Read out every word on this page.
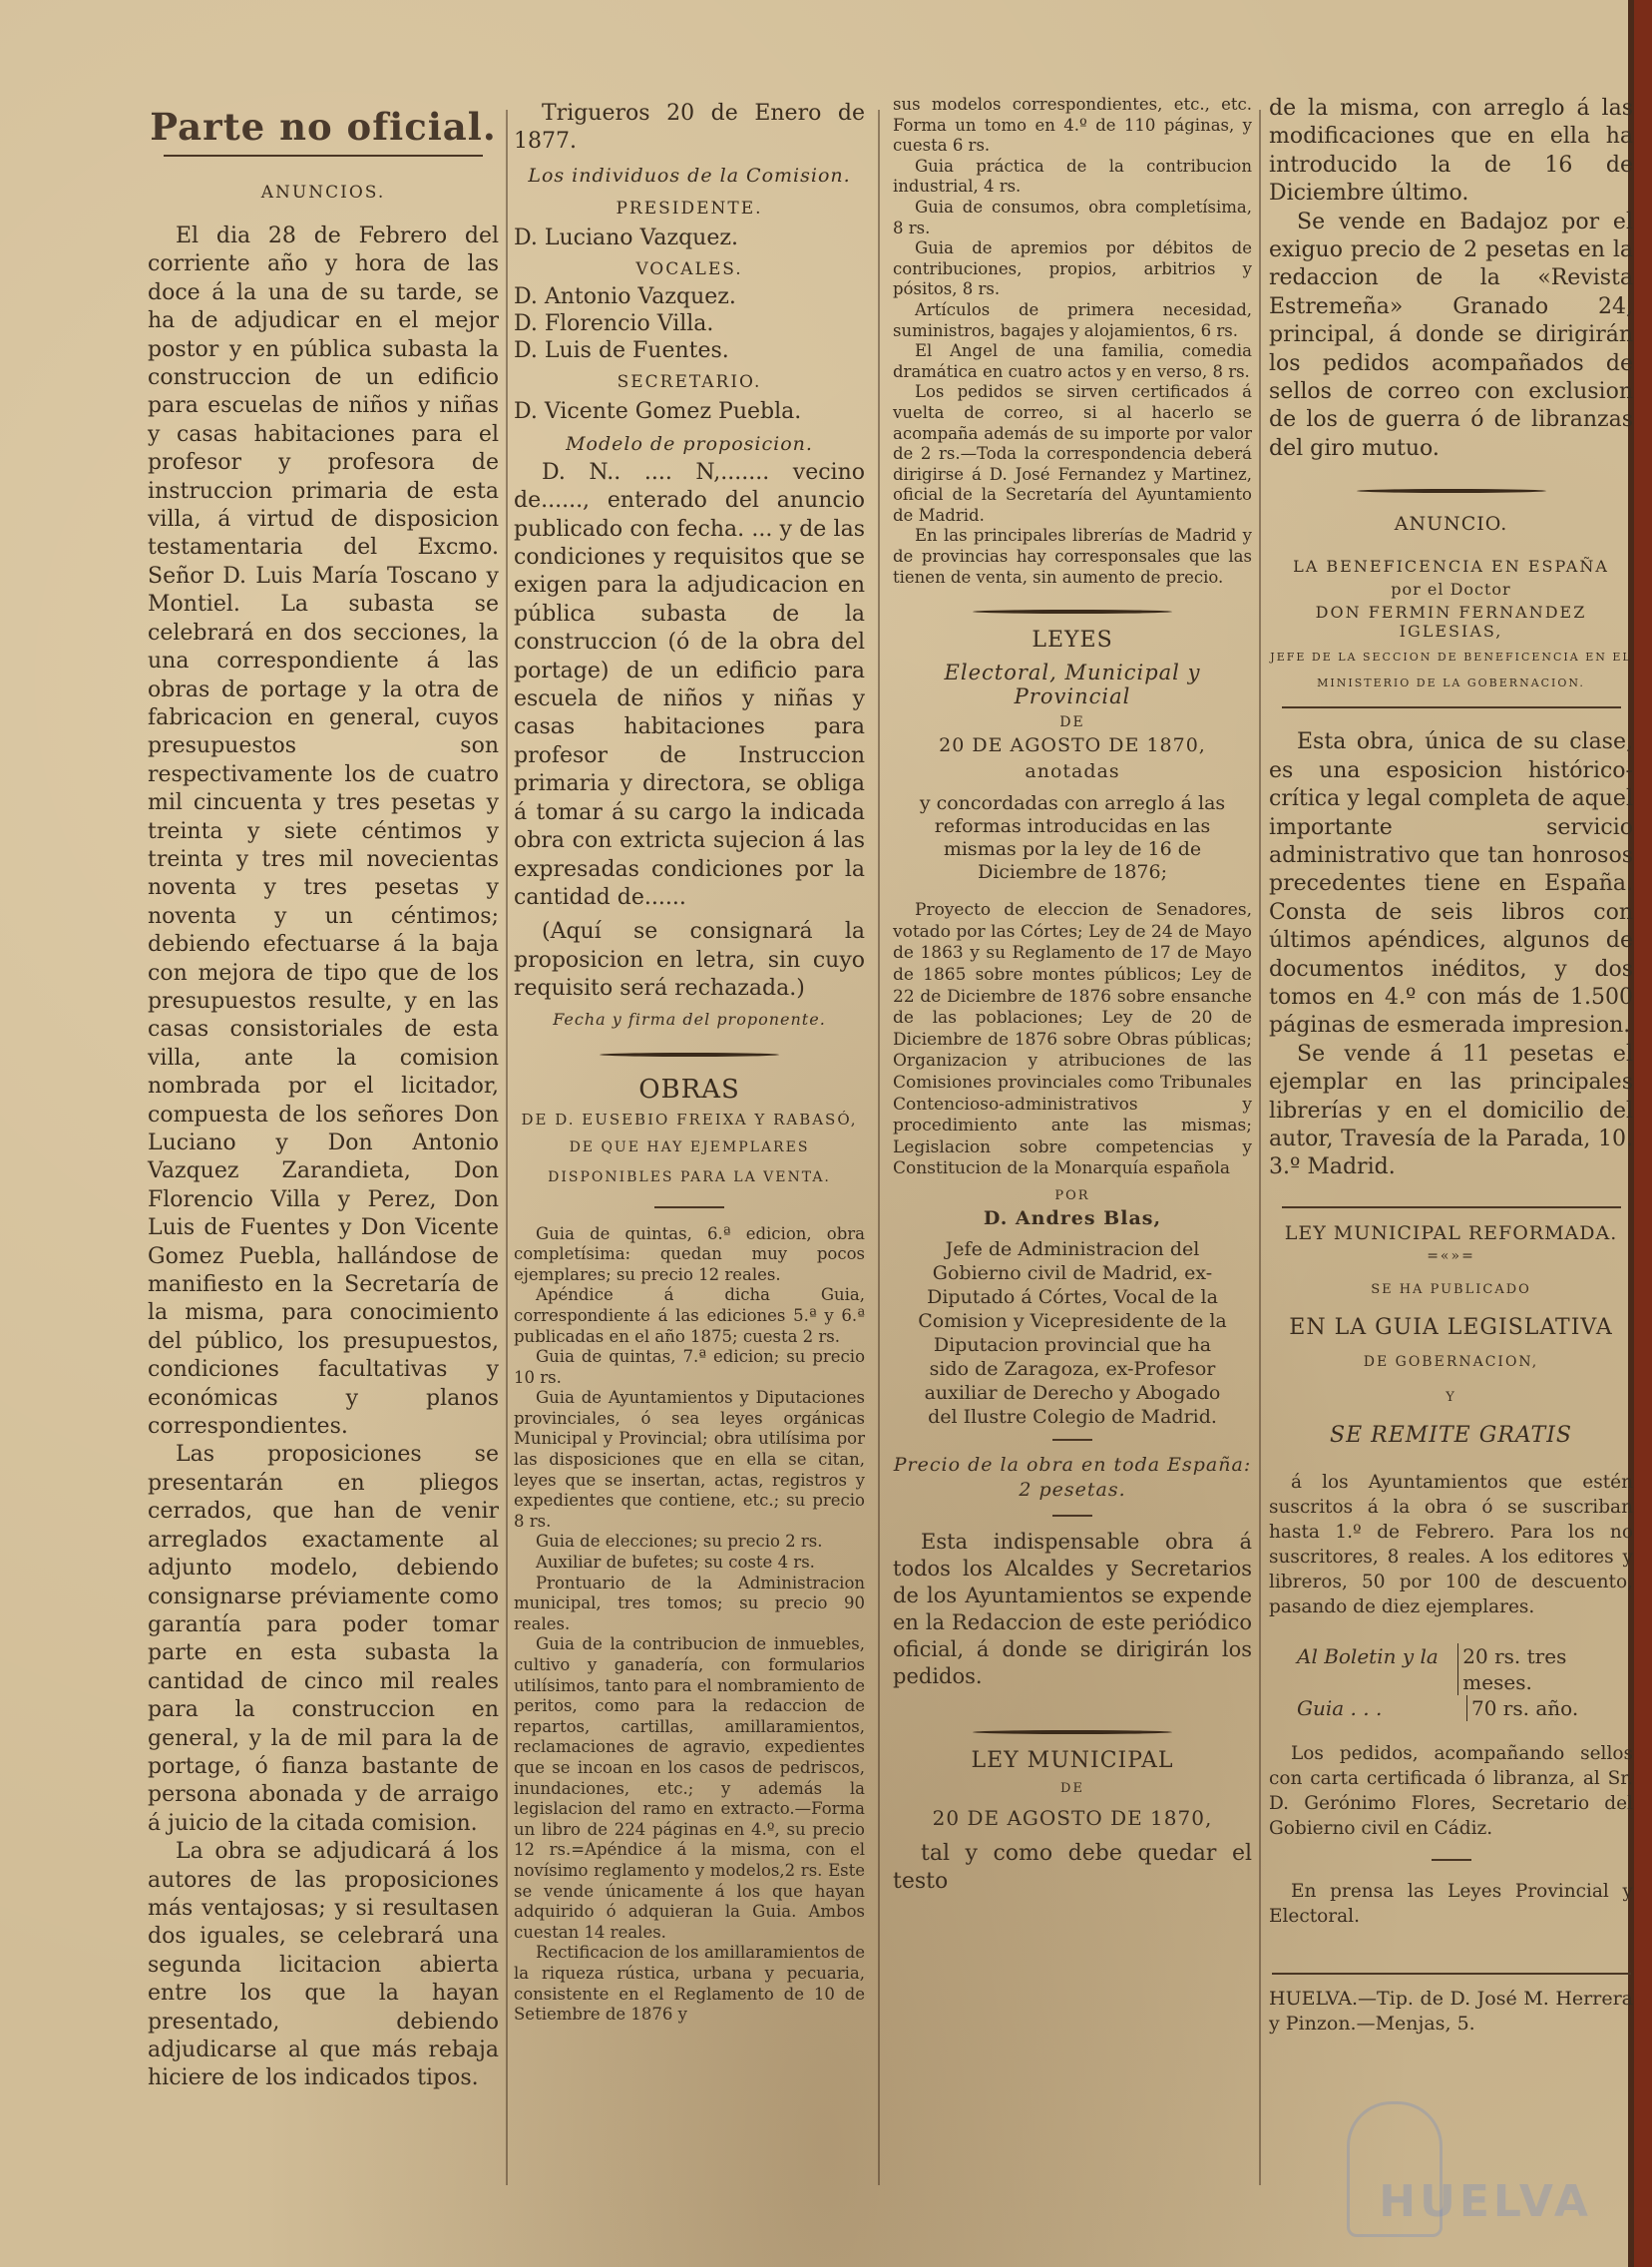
Parte no oficial.
ANUNCIOS.

El dia 28 de Febrero del corriente año y hora de las doce á la una de su tarde, se ha de adjudicar en el mejor postor y en pública subasta la construccion de un edificio para escuelas de niños y niñas y casas habitaciones para el profesor y profesora de instruccion primaria de esta villa, á virtud de disposicion testamentaria del Excmo. Señor D. Luis María Toscano y Montiel. La subasta se celebrará en dos secciones, la una correspondiente á las obras de portage y la otra de fabricacion en general, cuyos presupuestos son respectivamente los de cuatro mil cincuenta y tres pesetas y treinta y siete céntimos y treinta y tres mil novecientas noventa y tres pesetas y noventa y un céntimos; debiendo efectuarse á la baja con mejora de tipo que de los presupuestos resulte, y en las casas consistoriales de esta villa, ante la comision nombrada por el licitador, compuesta de los señores Don Luciano y Don Antonio Vazquez Zarandieta, Don Florencio Villa y Perez, Don Luis de Fuentes y Don Vicente Gomez Puebla, hallándose de manifiesto en la Secretaría de la misma, para conocimiento del público, los presupuestos, condiciones facultativas y económicas y planos correspondientes.

Las proposiciones se presentarán en pliegos cerrados, que han de venir arreglados exactamente al adjunto modelo, debiendo consignarse préviamente como garantía para poder tomar parte en esta subasta la cantidad de cinco mil reales para la construccion en general, y la de mil para la de portage, ó fianza bastante de persona abonada y de arraigo á juicio de la citada comision.

La obra se adjudicará á los autores de las proposiciones más ventajosas; y si resultasen dos iguales, se celebrará una segunda licitacion abierta entre los que la hayan presentado, debiendo adjudicarse al que más rebaja hiciere de los indicados tipos.

Trigueros 20 de Enero de 1877.

Los individuos de la Comision.
PRESIDENTE.

D. Luciano Vazquez.

VOCALES.

D. Antonio Vazquez.

D. Florencio Villa.

D. Luis de Fuentes.

SECRETARIO.

D. Vicente Gomez Puebla.

Modelo de proposicion.

D. N.. .... N,....... vecino de......, enterado del anuncio publicado con fecha. ... y de las condiciones y requisitos que se exigen para la adjudicacion en pública subasta de la construccion (ó de la obra del portage) de un edificio para escuela de niños y niñas y casas habitaciones para profesor de Instruccion primaria y directora, se obliga á tomar á su cargo la indicada obra con extricta sujecion á las expresadas condiciones por la cantidad de......

(Aquí se consignará la proposicion en letra, sin cuyo requisito será rechazada.)

Fecha y firma del proponente.
OBRAS
DE D. EUSEBIO FREIXA Y RABASÓ,
DE QUE HAY EJEMPLARES DISPONIBLES PARA LA VENTA.

Guia de quintas, 6.ª edicion, obra completísima: quedan muy pocos ejemplares; su precio 12 reales.

Apéndice á dicha Guia, correspondiente á las ediciones 5.ª y 6.ª publicadas en el año 1875; cuesta 2 rs.

Guia de quintas, 7.ª edicion; su precio 10 rs.

Guia de Ayuntamientos y Diputaciones provinciales, ó sea leyes orgánicas Municipal y Provincial; obra utilísima por las disposiciones que en ella se citan, leyes que se insertan, actas, registros y expedientes que contiene, etc.; su precio 8 rs.

Guia de elecciones; su precio 2 rs.

Auxiliar de bufetes; su coste 4 rs.

Prontuario de la Administracion municipal, tres tomos; su precio 90 reales.

Guia de la contribucion de inmuebles, cultivo y ganadería, con formularios utilísimos, tanto para el nombramiento de peritos, como para la redaccion de repartos, cartillas, amillaramientos, reclamaciones de agravio, expedientes que se incoan en los casos de pedriscos, inundaciones, etc.; y además la legislacion del ramo en extracto.—Forma un libro de 224 páginas en 4.º, su precio 12 rs.=Apéndice á la misma, con el novísimo reglamento y modelos,2 rs. Este se vende únicamente á los que hayan adquirido ó adquieran la Guia. Ambos cuestan 14 reales.

Rectificacion de los amillaramientos de la riqueza rústica, urbana y pecuaria, consistente en el Reglamento de 10 de Setiembre de 1876 y

sus modelos correspondientes, etc., etc. Forma un tomo en 4.º de 110 páginas, y cuesta 6 rs.

Guia práctica de la contribucion industrial, 4 rs.

Guia de consumos, obra completísima, 8 rs.

Guia de apremios por débitos de contribuciones, propios, arbitrios y pósitos, 8 rs.

Artículos de primera necesidad, suministros, bagajes y alojamientos, 6 rs.

El Angel de una familia, comedia dramática en cuatro actos y en verso, 8 rs.

Los pedidos se sirven certificados á vuelta de correo, si al hacerlo se acompaña además de su importe por valor de 2 rs.—Toda la correspondencia deberá dirigirse á D. José Fernandez y Martinez, oficial de la Secretaría del Ayuntamiento de Madrid.

En las principales librerías de Madrid y de provincias hay corresponsales que las tienen de venta, sin aumento de precio.

LEYES
Electoral, Municipal y Provincial
DE
20 DE AGOSTO DE 1870,
anotadas
y concordadas con arreglo á las reformas introducidas en las mismas por la ley de 16 de Diciembre de 1876;

Proyecto de eleccion de Senadores, votado por las Córtes; Ley de 24 de Mayo de 1863 y su Reglamento de 17 de Mayo de 1865 sobre montes públicos; Ley de 22 de Diciembre de 1876 sobre ensanche de las poblaciones; Ley de 20 de Diciembre de 1876 sobre Obras públicas; Organizacion y atribuciones de las Comisiones provinciales como Tribunales Contencioso-administrativos y procedimiento ante las mismas; Legislacion sobre competencias y Constitucion de la Monarquía española

POR
D. Andres Blas,
Jefe de Administracion del Gobierno civil de Madrid, ex-Diputado á Córtes, Vocal de la Comision y Vicepresidente de la Diputacion provincial que ha sido de Zaragoza, ex-Profesor auxiliar de Derecho y Abogado del Ilustre Colegio de Madrid.
Precio de la obra en toda España: 2 pesetas.

Esta indispensable obra á todos los Alcaldes y Secretarios de los Ayuntamientos se expende en la Redaccion de este periódico oficial, á donde se dirigirán los pedidos.

LEY MUNICIPAL
DE
20 DE AGOSTO DE 1870,

tal y como debe quedar el testo

de la misma, con arreglo á las modificaciones que en ella ha introducido la de 16 de Diciembre último.

Se vende en Badajoz por el exiguo precio de 2 pesetas en la redaccion de la «Revista Estremeña» Granado 24, principal, á donde se dirigirán los pedidos acompañados de sellos de correo con exclusion de los de guerra ó de libranzas del giro mutuo.

ANUNCIO.
LA BENEFICENCIA EN ESPAÑA
por el Doctor
DON FERMIN FERNANDEZ IGLESIAS,
JEFE DE LA SECCION DE BENEFICENCIA EN EL MINISTERIO DE LA GOBERNACION.

Esta obra, única de su clase, es una esposicion histórico-crítica y legal completa de aquel importante servicio administrativo que tan honrosos precedentes tiene en España. Consta de seis libros con últimos apéndices, algunos de documentos inéditos, y dos tomos en 4.º con más de 1.500 páginas de esmerada impresion.

Se vende á 11 pesetas el ejemplar en las principales librerías y en el domicilio del autor, Travesía de la Parada, 10. 3.º Madrid.

LEY MUNICIPAL REFORMADA.
=«»=
SE HA PUBLICADO
EN LA GUIA LEGISLATIVA
DE GOBERNACION,
Y
SE REMITE GRATIS

á los Ayuntamientos que estén suscritos á la obra ó se suscriban hasta 1.º de Febrero. Para los no suscritores, 8 reales. A los editores y libreros, 50 por 100 de descuento, pasando de diez ejemplares.

Al Boletin y la	20 rs. tres meses.
Guia . . .	70 rs. año.

Los pedidos, acompañando sellos con carta certificada ó libranza, al Sr. D. Gerónimo Flores, Secretario del Gobierno civil en Cádiz.

En prensa las Leyes Provincial y Electoral.

HUELVA.—Tip. de D. José M. Herrera y Pinzon.—Menjas, 5.

HUELVA
